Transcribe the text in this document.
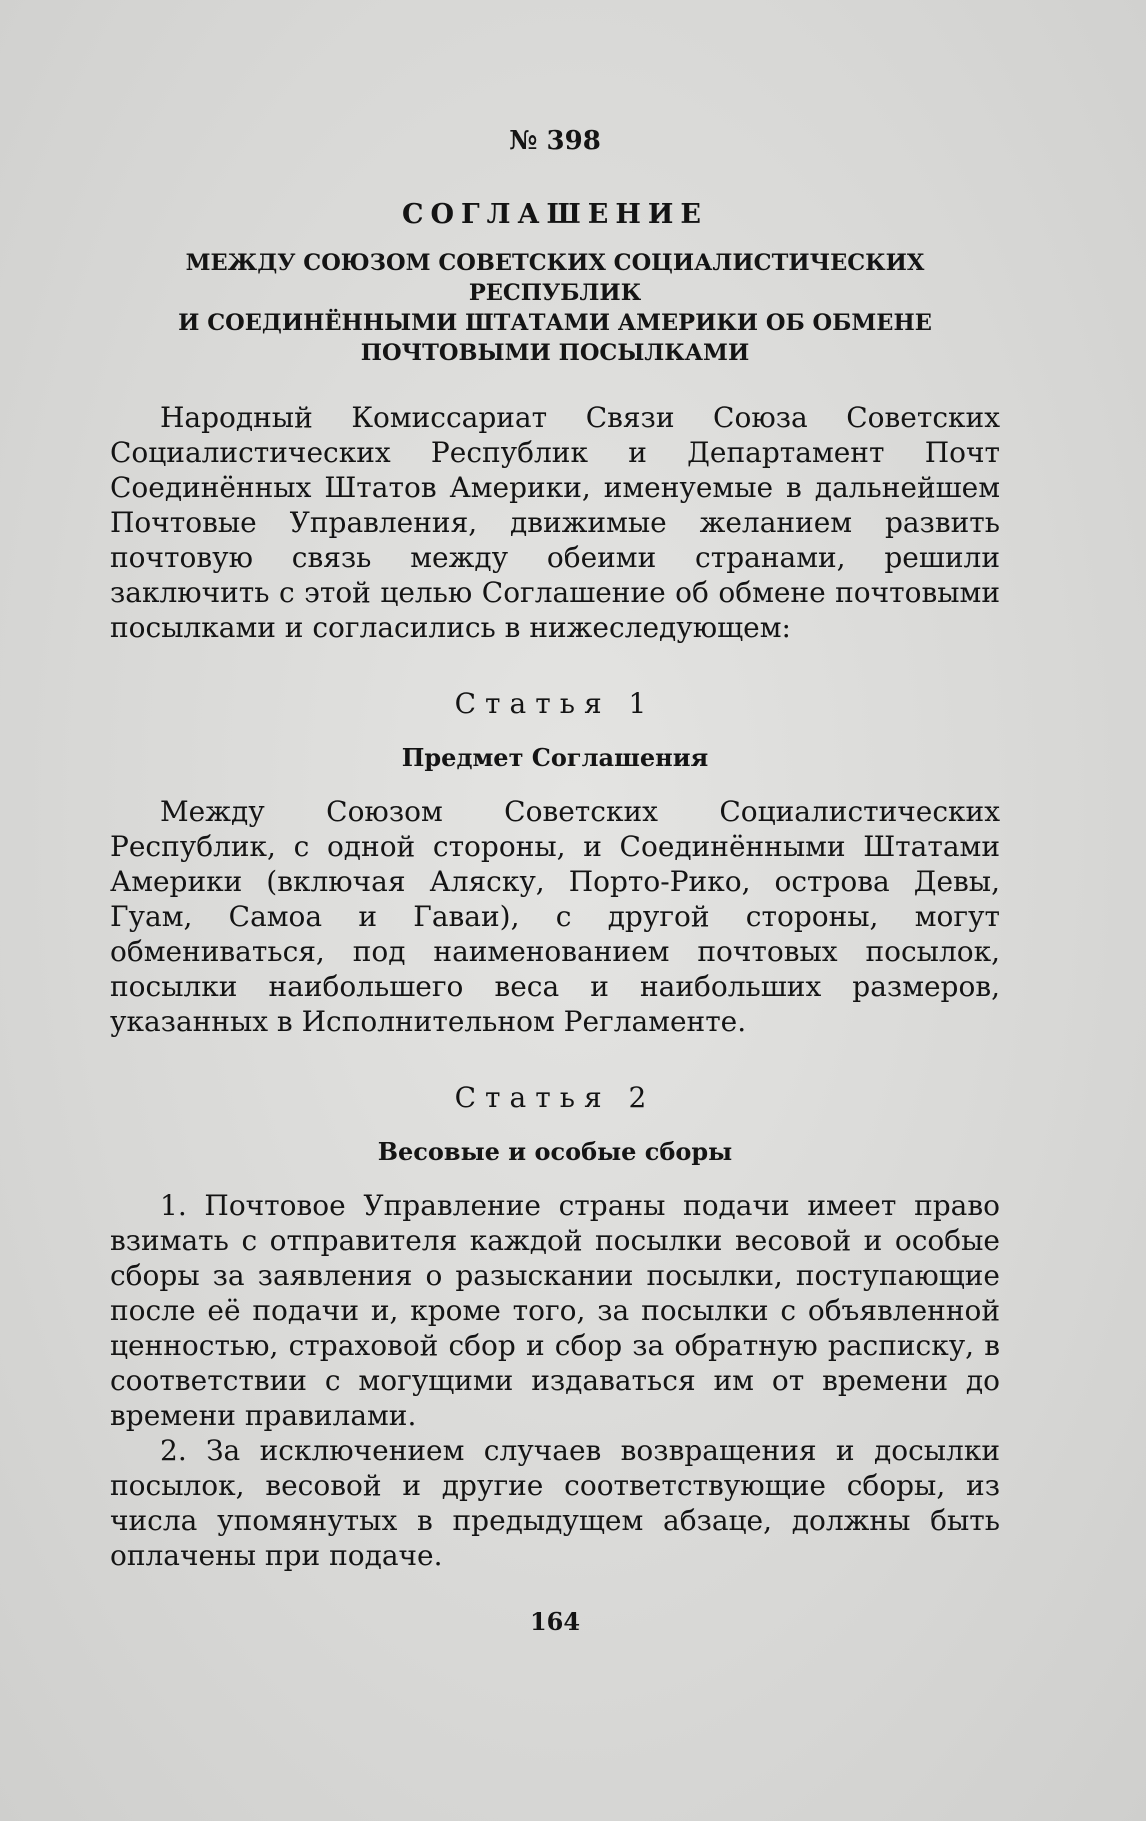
№ 398
СОГЛАШЕНИЕ
МЕЖДУ СОЮЗОМ СОВЕТСКИХ СОЦИАЛИСТИЧЕСКИХ
РЕСПУБЛИК
И СОЕДИНЁННЫМИ ШТАТАМИ АМЕРИКИ ОБ ОБМЕНЕ
ПОЧТОВЫМИ ПОСЫЛКАМИ

Народный Комиссариат Связи Союза Советских Социалистических Республик и Департамент Почт Соединённых Штатов Америки, именуемые в дальнейшем Почтовые Управления, движимые желанием развить почтовую связь между обеими странами, решили заключить с этой целью Соглашение об обмене почтовыми посылками и согласились в нижеследующем:

Статья 1
Предмет Соглашения

Между Союзом Советских Социалистических Республик, с одной стороны, и Соединёнными Штатами Америки (включая Аляску, Порто-Рико, острова Девы, Гуам, Самоа и Гаваи), с другой стороны, могут обмениваться, под наименованием почтовых посылок, посылки наибольшего веса и наибольших размеров, указанных в Исполнительном Регламенте.

Статья 2
Весовые и особые сборы

1. Почтовое Управление страны подачи имеет право взимать с отправителя каждой посылки весовой и особые сборы за заявления о разыскании посылки, поступающие после её подачи и, кроме того, за посылки с объявленной ценностью, страховой сбор и сбор за обратную расписку, в соответствии с могущими издаваться им от времени до времени правилами.

2. За исключением случаев возвращения и досылки посылок, весовой и другие соответствующие сборы, из числа упомянутых в предыдущем абзаце, должны быть оплачены при подаче.

164
